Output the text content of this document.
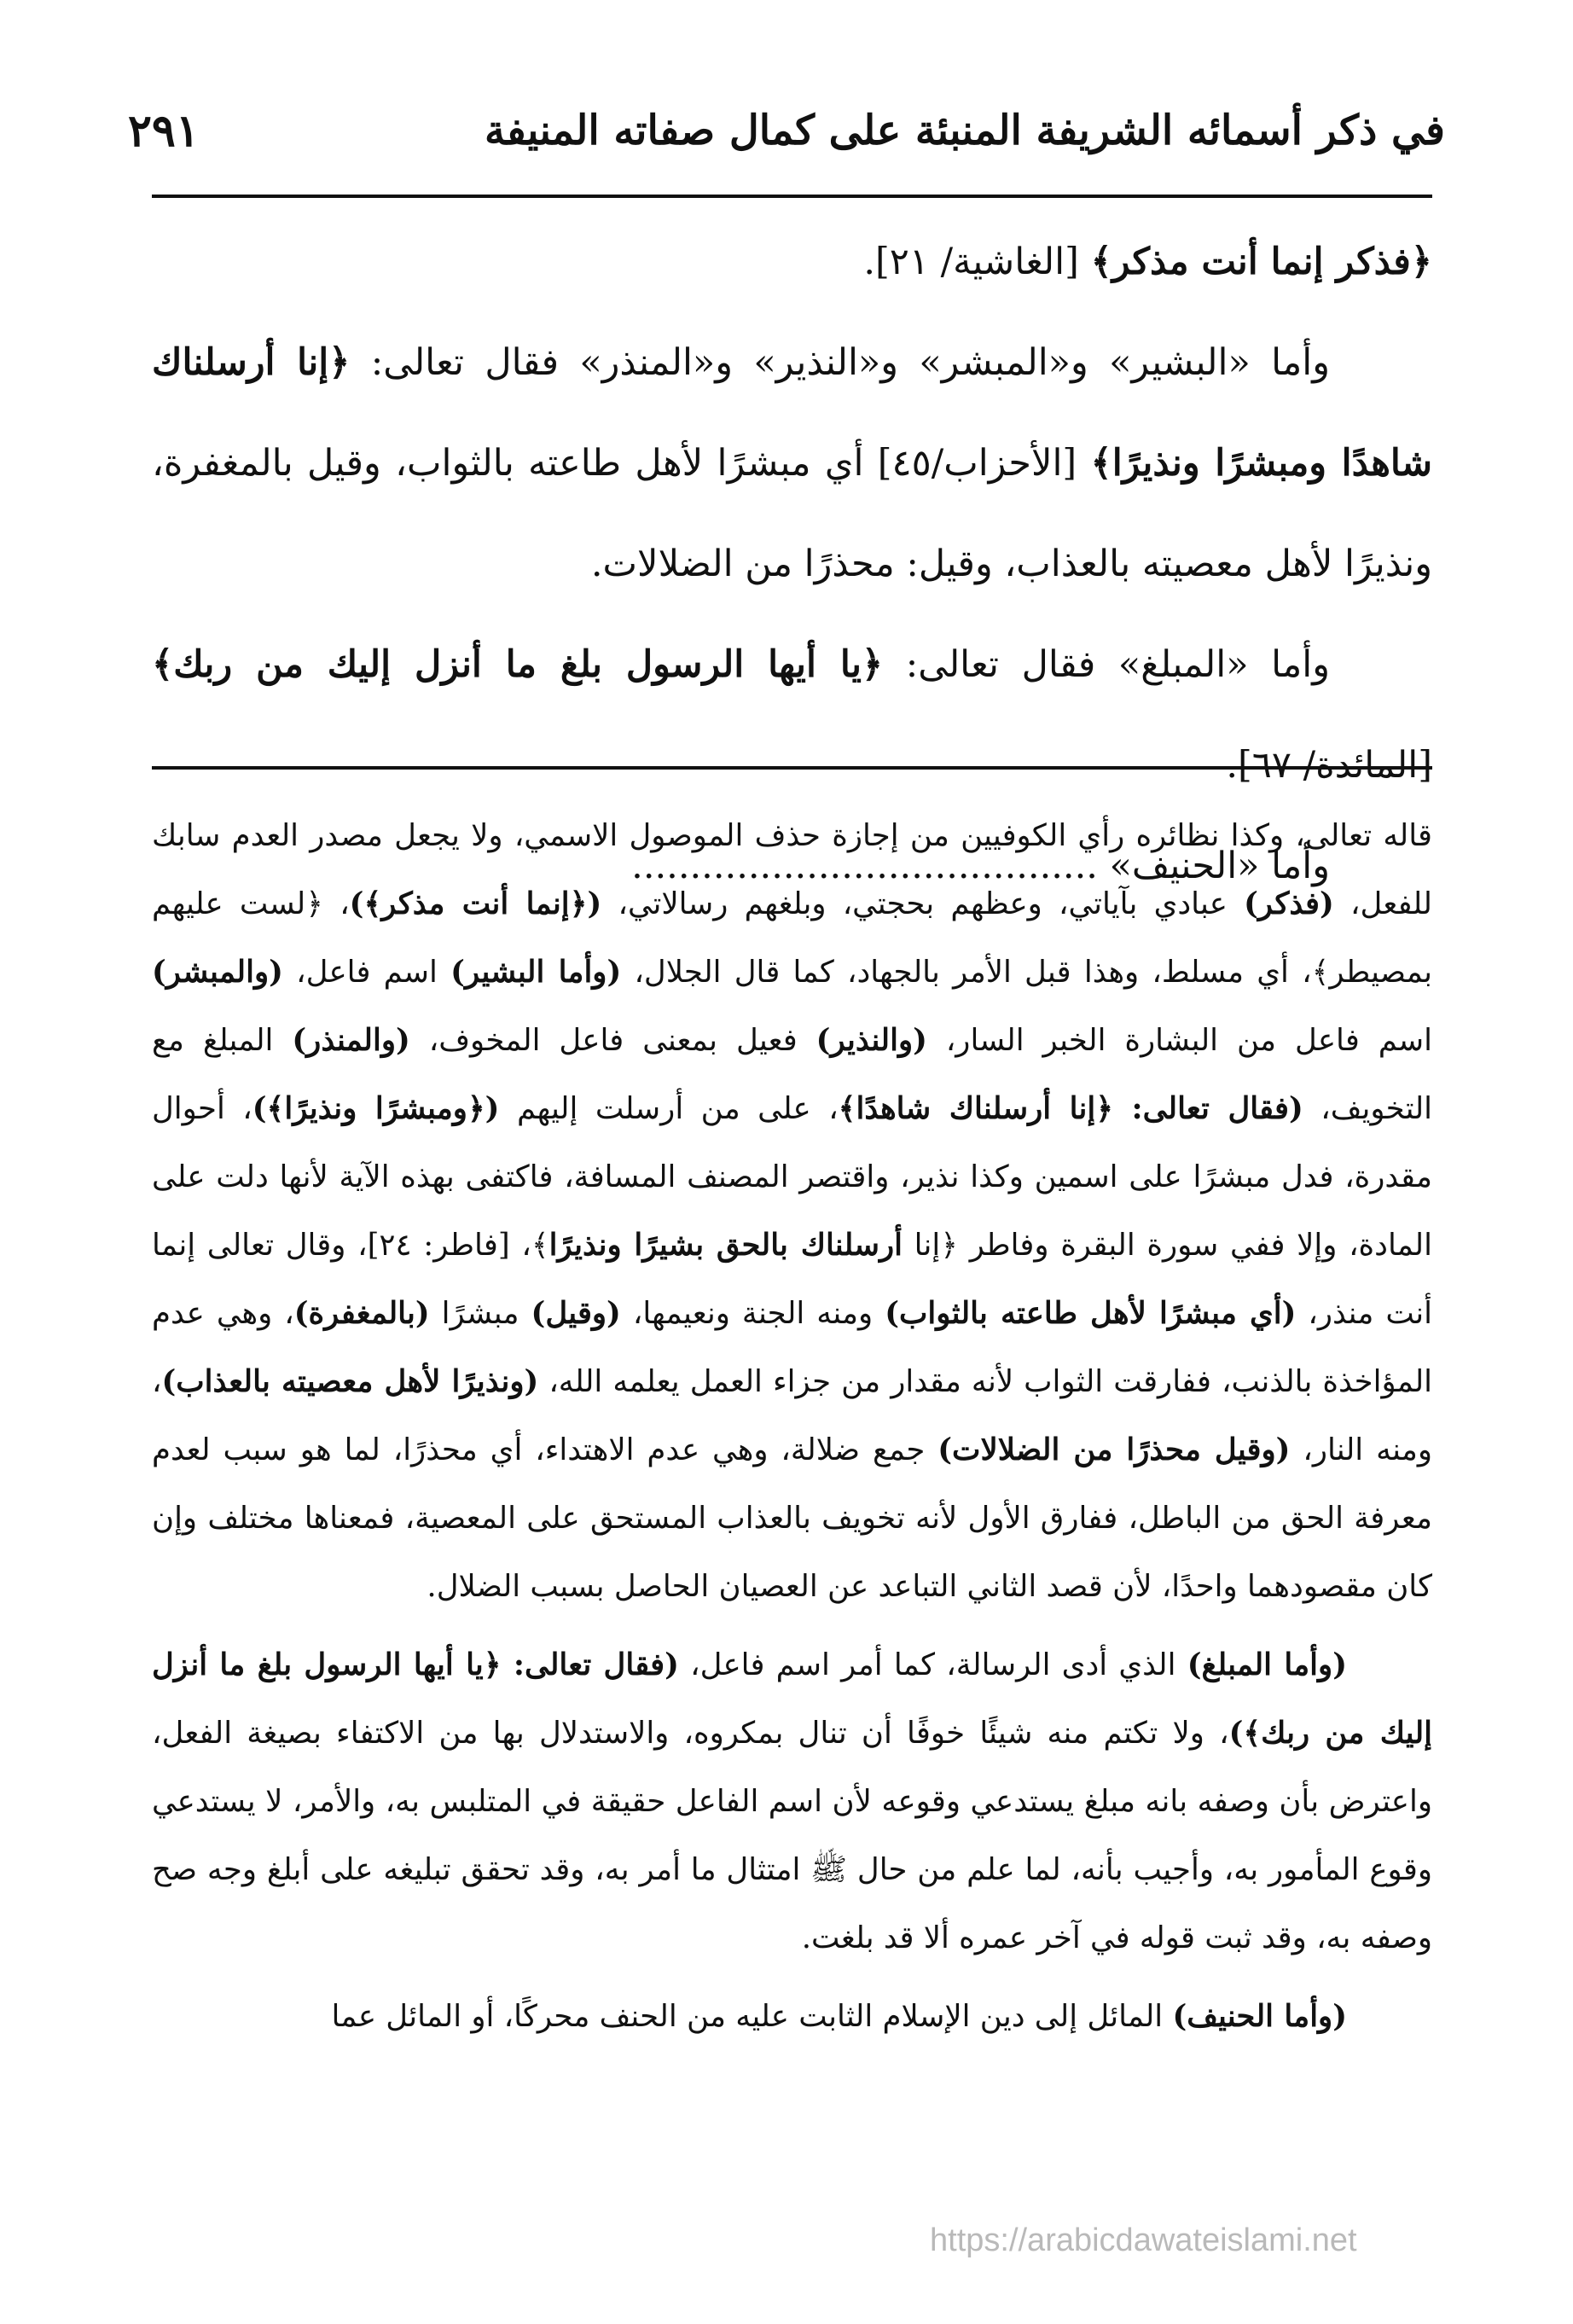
في ذكر أسمائه الشريفة المنبئة على كمال صفاته المنيفة
٢٩١

﴿فذكر إنما أنت مذكر﴾ [الغاشية/ ٢١].

وأما «البشير» و«المبشر» و«النذير» و«المنذر» فقال تعالى: ﴿إنا أرسلناك شاهدًا ومبشرًا ونذيرًا﴾ [الأحزاب/٤٥] أي مبشرًا لأهل طاعته بالثواب، وقيل بالمغفرة، ونذيرًا لأهل معصيته بالعذاب، وقيل: محذرًا من الضلالات.

وأما «المبلغ» فقال تعالى: ﴿يا أيها الرسول بلغ ما أنزل إليك من ربك﴾ [المائدة/ ٦٧].

وأما «الحنيف» ........................................

قاله تعالى، وكذا نظائره رأي الكوفيين من إجازة حذف الموصول الاسمي، ولا يجعل مصدر العدم سابك للفعل، (فذكر) عبادي بآياتي، وعظهم بحجتي، وبلغهم رسالاتي، (﴿إنما أنت مذكر﴾)، ﴿لست عليهم بمصيطر﴾، أي مسلط، وهذا قبل الأمر بالجهاد، كما قال الجلال، (وأما البشير) اسم فاعل، (والمبشر) اسم فاعل من البشارة الخبر السار، (والنذير) فعيل بمعنى فاعل المخوف، (والمنذر) المبلغ مع التخويف، (فقال تعالى: ﴿إنا أرسلناك شاهدًا﴾، على من أرسلت إليهم (﴿ومبشرًا ونذيرًا﴾)، أحوال مقدرة، فدل مبشرًا على اسمين وكذا نذير، واقتصر المصنف المسافة، فاكتفى بهذه الآية لأنها دلت على المادة، وإلا ففي سورة البقرة وفاطر ﴿إنا أرسلناك بالحق بشيرًا ونذيرًا﴾، [فاطر: ٢٤]، وقال تعالى إنما أنت منذر، (أي مبشرًا لأهل طاعته بالثواب) ومنه الجنة ونعيمها، (وقيل) مبشرًا (بالمغفرة)، وهي عدم المؤاخذة بالذنب، ففارقت الثواب لأنه مقدار من جزاء العمل يعلمه الله، (ونذيرًا لأهل معصيته بالعذاب)، ومنه النار، (وقيل محذرًا من الضلالات) جمع ضلالة، وهي عدم الاهتداء، أي محذرًا، لما هو سبب لعدم معرفة الحق من الباطل، ففارق الأول لأنه تخويف بالعذاب المستحق على المعصية، فمعناها مختلف وإن كان مقصودهما واحدًا، لأن قصد الثاني التباعد عن العصيان الحاصل بسبب الضلال.

(وأما المبلغ) الذي أدى الرسالة، كما أمر اسم فاعل، (فقال تعالى: ﴿يا أيها الرسول بلغ ما أنزل إليك من ربك﴾)، ولا تكتم منه شيئًا خوفًا أن تنال بمكروه، والاستدلال بها من الاكتفاء بصيغة الفعل، واعترض بأن وصفه بانه مبلغ يستدعي وقوعه لأن اسم الفاعل حقيقة في المتلبس به، والأمر، لا يستدعي وقوع المأمور به، وأجيب بأنه، لما علم من حال ﷺ امتثال ما أمر به، وقد تحقق تبليغه على أبلغ وجه صح وصفه به، وقد ثبت قوله في آخر عمره ألا قد بلغت.

(وأما الحنيف) المائل إلى دين الإسلام الثابت عليه من الحنف محركًا، أو المائل عما

https://arabicdawateislami.net
